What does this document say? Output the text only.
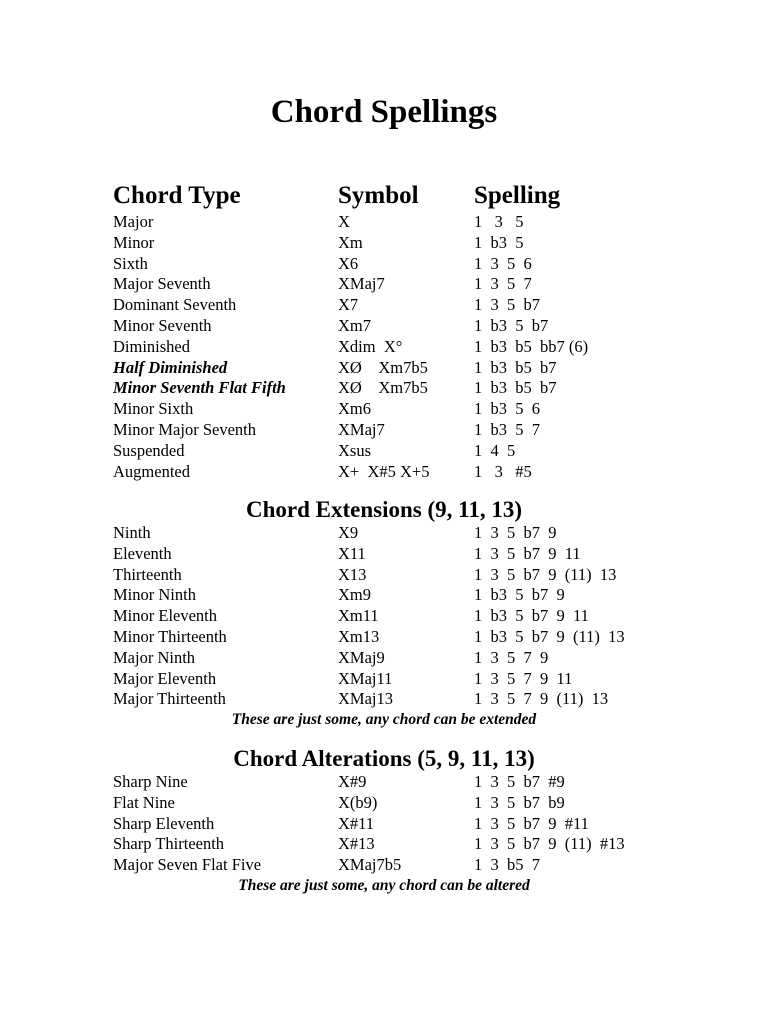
Chord Spellings
Chord Type	Symbol Spelling
Major	X	1   3   5
Minor	Xm	1  b3  5
Sixth	X6	1  3  5  6
Major Seventh	XMaj7	1  3  5  7
Dominant Seventh	X7	1  3  5  b7
Minor Seventh	Xm7	1  b3  5  b7
Diminished	Xdim  X°	1  b3  b5  bb7 (6)
Half Diminished	XØ    Xm7b5	1  b3  b5  b7
Minor Seventh Flat Fifth	XØ    Xm7b5	1  b3  b5  b7
Minor Sixth	Xm6	1  b3  5  6
Minor Major Seventh	XMaj7	1  b3  5  7
Suspended	Xsus	1  4  5
Augmented	X+  X#5 X+5	1   3   #5
Chord Extensions (9, 11, 13)
Ninth	X9	1  3  5  b7  9
Eleventh	X11	1  3  5  b7  9  11
Thirteenth	X13	1  3  5  b7  9  (11)  13
Minor Ninth	Xm9	1  b3  5  b7  9
Minor Eleventh	Xm11	1  b3  5  b7  9  11
Minor Thirteenth	Xm13	1  b3  5  b7  9  (11)  13
Major Ninth	XMaj9	1  3  5  7  9
Major Eleventh	XMaj11	1  3  5  7  9  11
Major Thirteenth	XMaj13	1  3  5  7  9  (11)  13
These are just some, any chord can be extended
Chord Alterations (5, 9, 11, 13)
Sharp Nine	X#9	1  3  5  b7  #9
Flat Nine	X(b9)	1  3  5  b7  b9
Sharp Eleventh	X#11	1  3  5  b7  9  #11
Sharp Thirteenth	X#13	1  3  5  b7  9  (11)  #13
Major Seven Flat Five	XMaj7b5	1  3  b5  7
These are just some, any chord can be altered
